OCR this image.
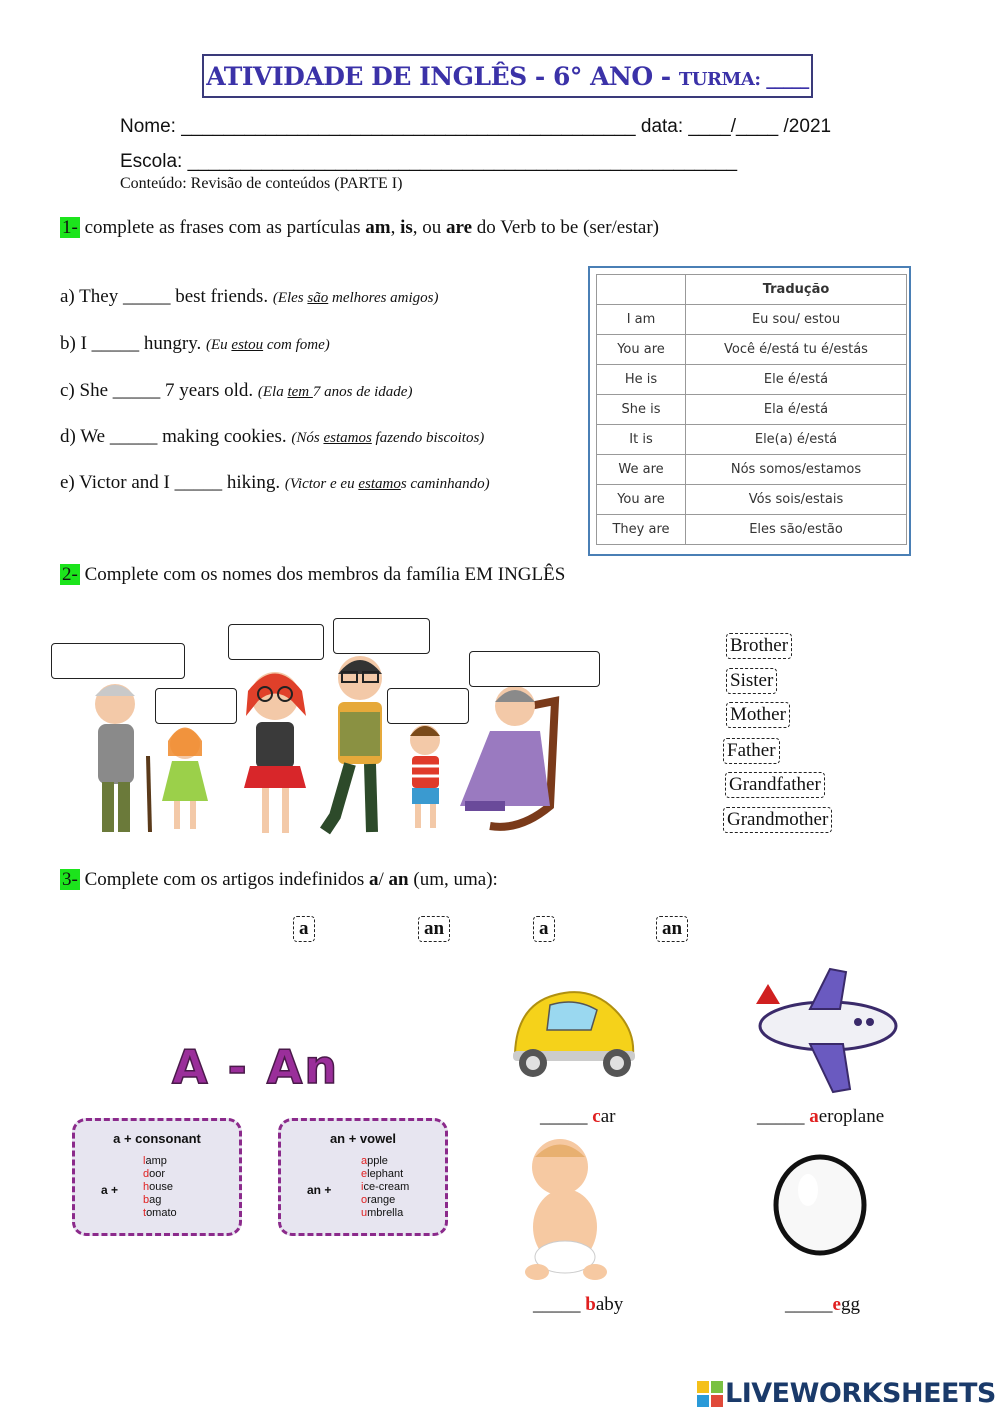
ATIVIDADE DE INGLÊS - 6° ANO - TURMA: _____
Nome: ___________________________________________ data: ____/____ /2021
Escola: ____________________________________________________
Conteúdo: Revisão de conteúdos (PARTE I)
1- complete as frases com as partículas am, is, ou are do Verb to be (ser/estar)
a) They _____ best friends. (Eles são melhores amigos)
b) I _____ hungry. (Eu estou com fome)
c) She _____ 7 years old. (Ela tem 7 anos de idade)
d) We _____ making cookies. (Nós estamos fazendo biscoitos)
e) Victor and I _____ hiking. (Victor e eu estamos caminhando)
	Tradução
I am	Eu sou/ estou
You are	Você é/está tu é/estás
He is	Ele é/está
She is	Ela é/está
It is	Ele(a) é/está
We are	Nós somos/estamos
You are	Vós sois/estais
They are	Eles são/estão
2- Complete com os nomes dos membros da família EM INGLÊS
Brother
Sister
Mother
Father
Grandfather
Grandmother
3- Complete com os artigos indefinidos a/ an (um, uma):
a	an	a	an
A - An
a + consonant
a +
lamp
door
house
bag
tomato
an + vowel
an +
apple
elephant
ice-cream
orange
umbrella
_____ car	_____ aeroplane
_____ baby	_____egg
LIVEWORKSHEETS
